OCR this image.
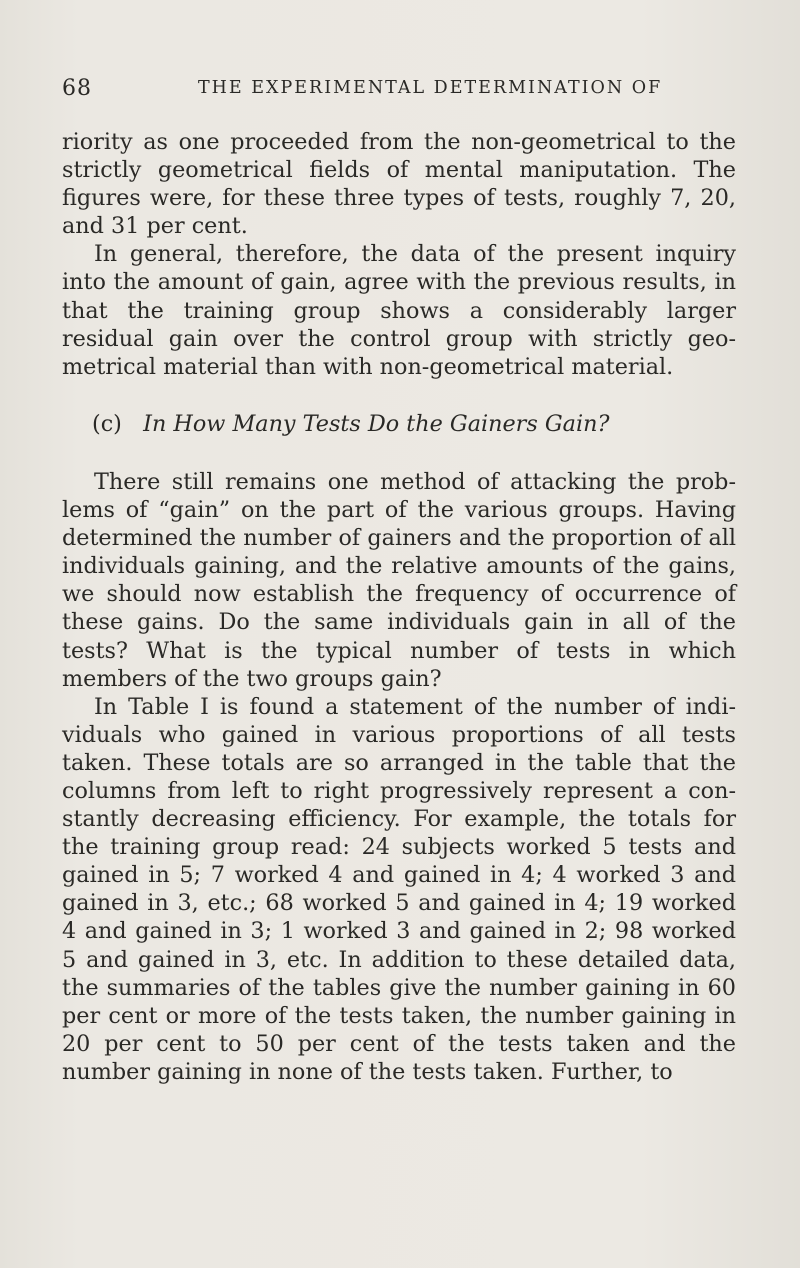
68	THE EXPERIMENTAL DETERMINATION OF

riority as one proceeded from the non-geometrical to the strictly geometrical fields of mental maniputation. The figures were, for these three types of tests, roughly 7, 20, and 31 per cent.

In general, therefore, the data of the present inquiry into the amount of gain, agree with the previous results, in that the training group shows a considerably larger residual gain over the control group with strictly geo-metrical material than with non-geometrical material.

(c) In How Many Tests Do the Gainers Gain?

There still remains one method of attacking the prob-lems of “gain” on the part of the various groups. Having determined the number of gainers and the proportion of all individuals gaining, and the relative amounts of the gains, we should now establish the frequency of occurrence of these gains. Do the same individuals gain in all of the tests? What is the typical number of tests in which members of the two groups gain?

In Table I is found a statement of the number of indi-viduals who gained in various proportions of all tests taken. These totals are so arranged in the table that the columns from left to right progressively represent a con-stantly decreasing efficiency. For example, the totals for the training group read: 24 subjects worked 5 tests and gained in 5; 7 worked 4 and gained in 4; 4 worked 3 and gained in 3, etc.; 68 worked 5 and gained in 4; 19 worked 4 and gained in 3; 1 worked 3 and gained in 2; 98 worked 5 and gained in 3, etc. In addition to these detailed data, the summaries of the tables give the number gaining in 60 per cent or more of the tests taken, the number gaining in 20 per cent to 50 per cent of the tests taken and the number gaining in none of the tests taken. Further, to
